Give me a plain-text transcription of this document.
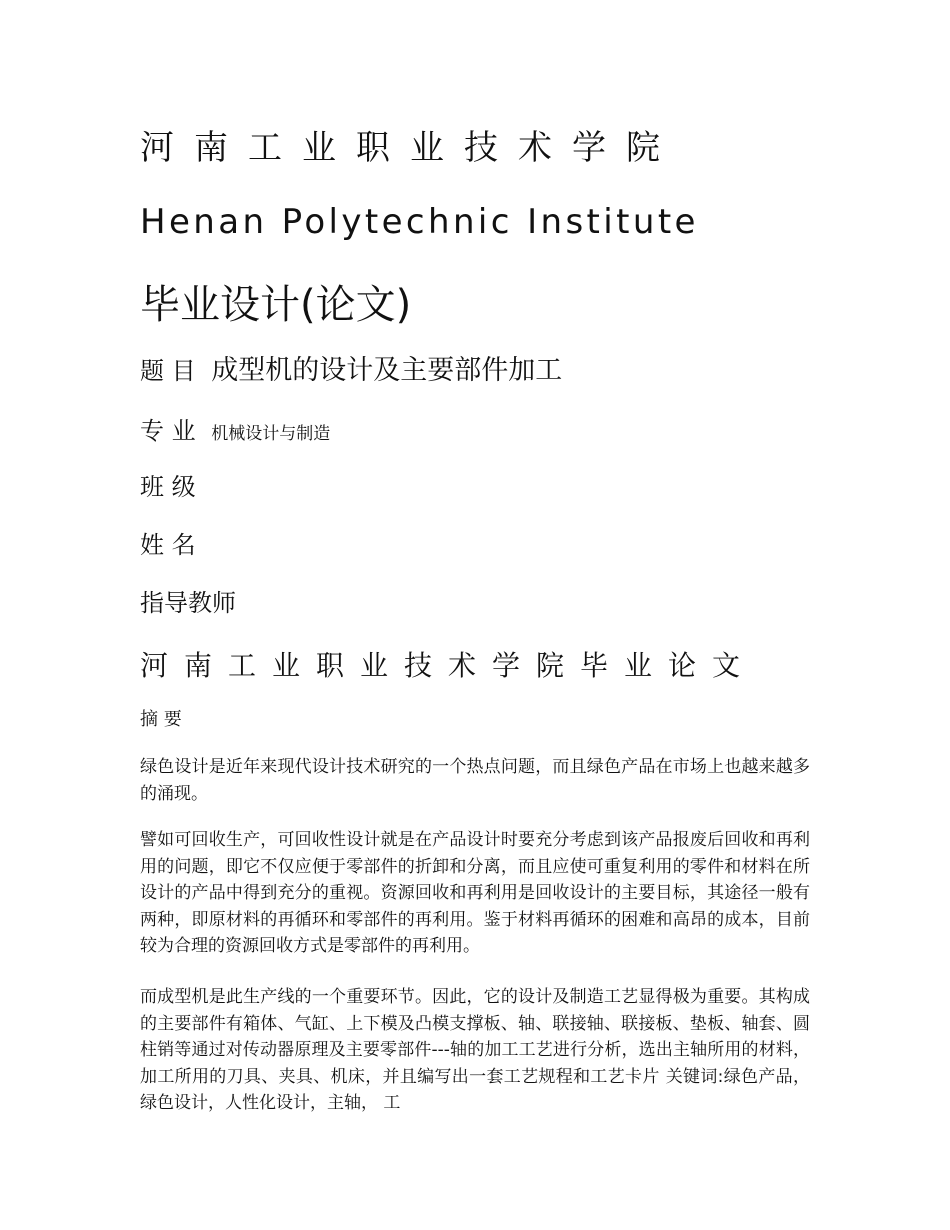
河南工业职业技术学院
Henan Polytechnic Institute
毕业设计(论文)
题 目 成型机的设计及主要部件加工
专 业 机械设计与制造
班 级
姓 名
指导教师
河南工业职业技术学院毕业论文
摘 要

绿色设计是近年来现代设计技术研究的一个热点问题，而且绿色产品在市场上也越来越多的涌现。

譬如可回收生产，可回收性设计就是在产品设计时要充分考虑到该产品报废后回收和再利用的问题，即它不仅应便于零部件的折卸和分离，而且应使可重复利用的零件和材料在所设计的产品中得到充分的重视。资源回收和再利用是回收设计的主要目标，其途径一般有两种，即原材料的再循环和零部件的再利用。鉴于材料再循环的困难和高昂的成本，目前较为合理的资源回收方式是零部件的再利用。

而成型机是此生产线的一个重要环节。因此，它的设计及制造工艺显得极为重要。其构成的主要部件有箱体、气缸、上下模及凸模支撑板、轴、联接轴、联接板、垫板、轴套、圆柱销等通过对传动器原理及主要零部件---轴的加工工艺进行分析，选出主轴所用的材料，加工所用的刀具、夹具、机床，并且编写出一套工艺规程和工艺卡片 关键词:绿色产品，绿色设计，人性化设计，主轴， 工
